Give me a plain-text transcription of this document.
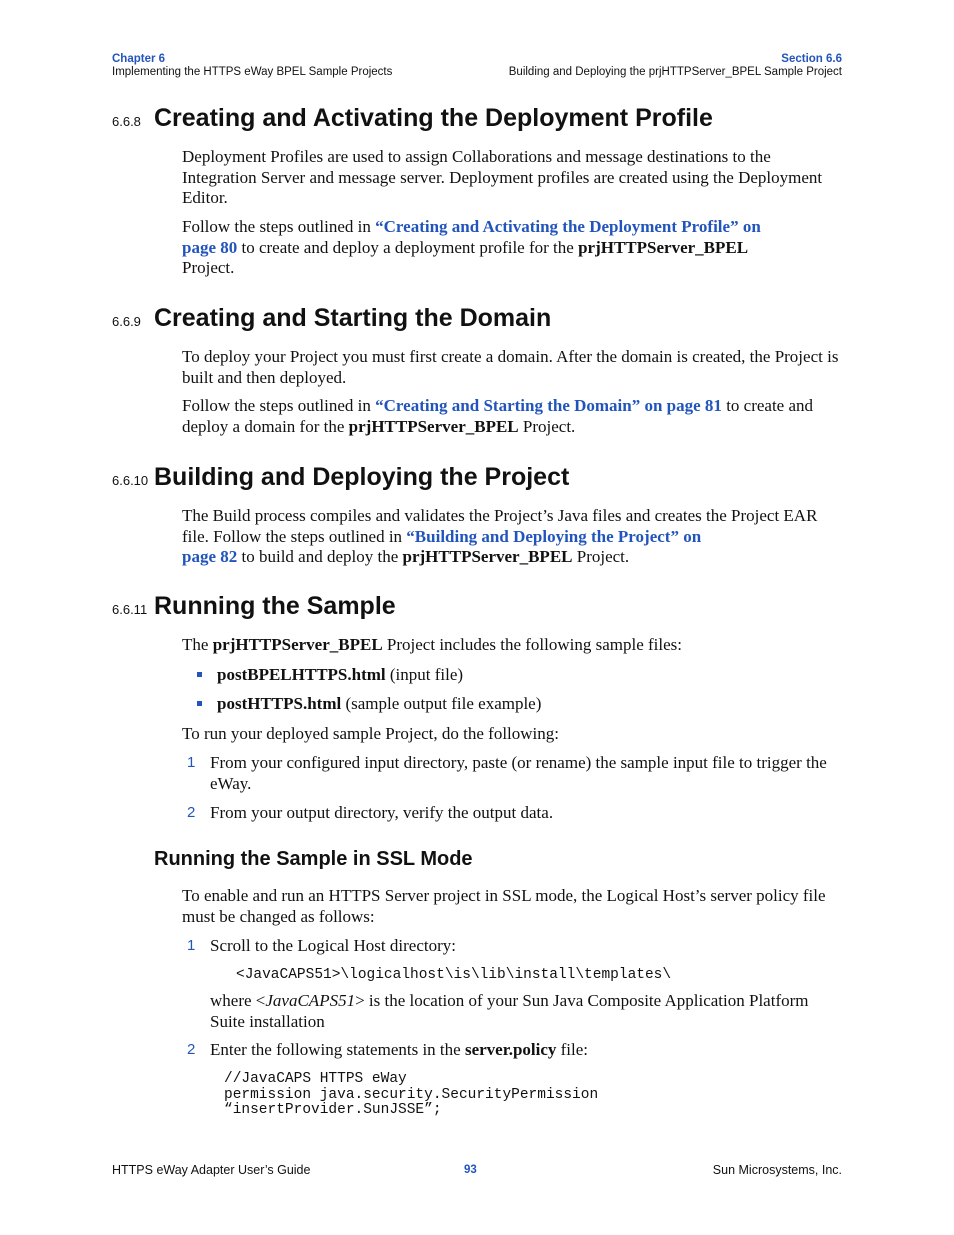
Chapter 6
Implementing the HTTPS eWay BPEL Sample Projects
Section 6.6
Building and Deploying the prjHTTPServer_BPEL Sample Project
6.6.8 Creating and Activating the Deployment Profile
Deployment Profiles are used to assign Collaborations and message destinations to the Integration Server and message server. Deployment profiles are created using the Deployment Editor.
Follow the steps outlined in “Creating and Activating the Deployment Profile” on
page 80 to create and deploy a deployment profile for the prjHTTPServer_BPEL
Project.
6.6.9 Creating and Starting the Domain
To deploy your Project you must first create a domain. After the domain is created, the Project is built and then deployed.
Follow the steps outlined in “Creating and Starting the Domain” on page 81 to create and deploy a domain for the prjHTTPServer_BPEL Project.
6.6.10 Building and Deploying the Project
The Build process compiles and validates the Project’s Java files and creates the Project EAR file. Follow the steps outlined in “Building and Deploying the Project” on
page 82 to build and deploy the prjHTTPServer_BPEL Project.
6.6.11 Running the Sample
The prjHTTPServer_BPEL Project includes the following sample files:
postBPELHTTPS.html (input file)
postHTTPS.html (sample output file example)
To run your deployed sample Project, do the following:
1 From your configured input directory, paste (or rename) the sample input file to trigger the eWay.
2 From your output directory, verify the output data.
Running the Sample in SSL Mode
To enable and run an HTTPS Server project in SSL mode, the Logical Host’s server policy file must be changed as follows:
1 Scroll to the Logical Host directory:
<JavaCAPS51>\logicalhost\is\lib\install\templates\
where <JavaCAPS51> is the location of your Sun Java Composite Application Platform Suite installation
2 Enter the following statements in the server.policy file:
//JavaCAPS HTTPS eWay
permission java.security.SecurityPermission
“insertProvider.SunJSSE”;
HTTPS eWay Adapter User’s Guide	93	Sun Microsystems, Inc.
